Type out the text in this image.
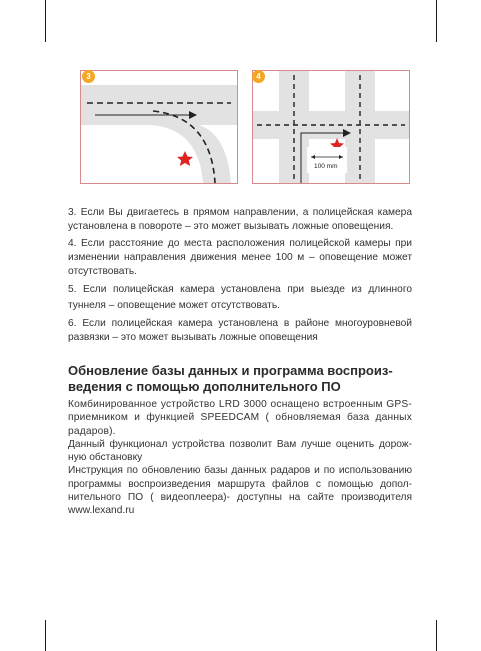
3	4
100 mm

3. Если Вы двигаетесь в прямом направлении, а полицейская камера установлена в повороте – это может вызывать ложные оповещения.

4. Если расстояние до места расположения полицейской камеры при изменении направления движения менее 100 м – оповещение может отсутствовать.

5. Если полицейская камера установлена при выезде из длинного туннеля – оповещение может отсутствовать.

6. Если полицейская камера установлена в районе многоуровневой развязки – это может вызывать ложные оповещения

Обновление базы данных и программа воспроиз-ведения с помощью дополнительного ПО

Комбинированное устройство LRD 3000 оснащено встроенным GPS-приемником и функцией SPEEDCAM ( обновляемая база данных радаров).

Данный функционал устройства позволит Вам лучше оценить дорож-ную обстановку

Инструкция по обновлению базы данных радаров и по использованию программы воспроизведения маршрута файлов с помощью допол-нительного ПО ( видеоплеера)- доступны на сайте производителя www.lexand.ru
